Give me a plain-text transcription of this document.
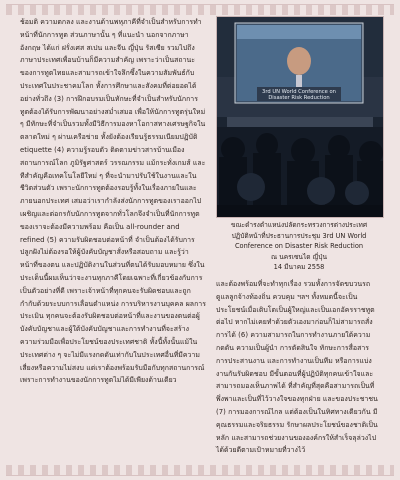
ช้อมติ ความตกลง และงานด้านพหุภาคีที่จำเป็นสำหรับการทำหน้าที่นักการทูต ส่วนภาษานั้น ๆ ที่แนะนำ นอกจากภาษาอังกฤษ ได้แก่ ฝรั่งเศส สเปน และจีน ญี่ปุ่น รัสเซีย รวมไปถึงภาษาประเทศเพื่อนบ้านก็มีความสำคัญ เพราะว่าเป็นสถานะของการทูตไทยและสามารถเข้าใจลึกซึ้งในความสัมพันธ์กับประเทศในประชาคมโลก ทั้งการศึกษาและสังคมที่ต่อยอดได้อย่างทั่วถึง (3) การฝึกอบรมเป็นทักษะที่จำเป็นสำหรับนักการทูตต้องได้รับการพัฒนาอย่างสม่ำเสมอ เพื่อให้นักการทูตรุ่นใหม่ ๆ มีทักษะที่จำเป็นรวมทั้งมีวิธีการมองหาโอกาสทางเศรษฐกิจในตลาดใหม่ ๆ ผ่านเครือข่าย ทั้งยังต้องเรียนรู้ธรรมเนียมปฏิบัติ etiquette (4) ความรู้รอบตัว ติดตามข่าวสารบ้านเมือง สถานการณ์โลก ภูมิรัฐศาสตร์ วรรณกรรม แม้กระทั่งเกมส์ และทีสำคัญคือเทคโนโลยีใหม่ ๆ ที่จะนำมาปรับใช้ในงานและในชีวิตส่วนตัว เพราะนักการทูตต้องรอบรู้ทั้งในเรื่องภายในและภายนอกประเทศ เสมอว่าเรากำลังส่งนักการทูตของเราออกไปเผชิญและต่อกรกับนักการทูตจากทั่วโลกจึงจำเป็นที่นักการทูตของเราจะต้องมีความพร้อม คือเป็น all-rounder and refined (5) ความรับผิดชอบต่อหน้าที่ จำเป็นต้องได้รับการปลูกฝังไม่ต้องรอให้ผู้บังคับบัญชาสั่งหรือสอบถาม และรู้ว่าหน้าที่ของตน และปฏิบัติงานในส่วนที่ตนได้รับมอบหมาย ซึ่งในประเด็นนี้ผมเห็นว่าจะงานทุกภาคีโดยเฉพาะที่เกี่ยวข้องกับการเป็นตัวอย่างที่ดี เพราะเจ้าหน้าที่ทุกคนจะรับผิดชอบและถูกกำกับด้วยระบบการเลื่อนตำแหน่ง การบริหารงานบุคคล ผลการประเมิน ทุกคนจะต้องรับผิดชอบต่อหน้าที่และงานของตนต่อผู้บังคับบัญชาและผู้ใต้บังคับบัญชาและการทำงานที่จะสร้างความร่วมมือเพื่อประโยชน์ของประเทศชาติ ทั้งนี้ทั้งนั้นแม้ในประเทศต่าง ๆ จะไม่มีแรงกดดันเท่ากับในประเทศอื่นที่มีความเสี่ยงหรือความไม่สงบ แต่เราต้องพร้อมรับมือกับทุกสถานการณ์ เพราะการทำงานของนักการทูตไม่ได้มีเพียงด้านเดียว

3rd UN World Conference on
Disaster Risk Reduction
ขณะดำรงตำแหน่งปลัดกระทรวงการต่างประเทศ
ปฏิบัติหน้าที่ประธานการประชุม 3rd UN World
Conference on Disaster Risk Reduction
ณ นครเซนได ญี่ปุ่น
14 มีนาคม 2558

และต้องพร้อมที่จะทำทุกเรื่อง รวมทั้งการจัดขบวนรถ ดูแลลูกจ้างท้องถิ่น ควบคุม ฯลฯ ทั้งหมดนี้จะเป็นประโยชน์เมื่อเติบโตเป็นผู้ใหญ่และเป็นเอกอัครราชทูตต่อไป หากไม่เคยทำด้วยตัวเองมาก่อนก็ไม่สามารถสั่งการได้ (6) ความสามารถในการทำงานภายใต้ความกดดัน ความเป็นผู้นำ การตัดสินใจ ทักษะการสื่อสาร การประสานงาน และการทำงานเป็นทีม หรือการแบ่งงานกันรับผิดชอบ มีขั้นตอนที่ผู้ปฏิบัติทุกคนเข้าใจและสามารถมองเห็นภาพได้ ที่สำคัญที่สุดคือสามารถเป็นที่พึ่งพาและเป็นที่ไว้วางใจของทุกฝ่าย และของประชาชน (7) การมองการณ์ไกล แต่ต้องเป็นในทิศทางเดียวกัน มีคุณธรรมและจริยธรรม รักษาผลประโยชน์ของชาติเป็นหลัก และสามารถช่วยงานขององค์กรให้สำเร็จลุล่วงไปได้ด้วยดีตามเป้าหมายที่วางไว้
